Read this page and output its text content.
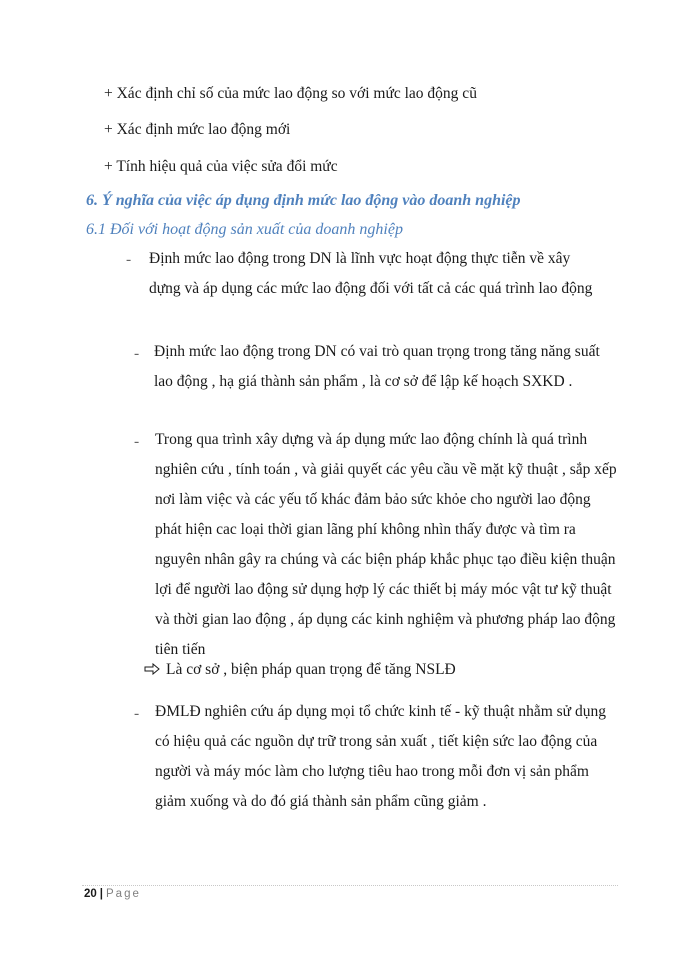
+ Xác định chỉ số của mức lao động so với mức lao động cũ
+ Xác định mức lao động mới
+ Tính hiệu quả của việc sửa đổi mức
6. Ý nghĩa của việc áp dụng định mức lao động vào doanh nghiệp
6.1 Đối với hoạt động sản xuất của doanh nghiệp
- Định mức lao động trong DN là lĩnh vực hoạt động thực tiễn về xây dựng và áp dụng các mức lao động đối với tất cả các quá trình lao động

- Định mức lao động trong DN có vai trò quan trọng trong tăng năng suất lao động , hạ giá thành sản phẩm , là cơ sở để lập kế hoạch SXKD .

- Trong qua trình xây dựng và áp dụng mức lao động chính là quá trình nghiên cứu , tính toán , và giải quyết các yêu cầu về mặt kỹ thuật , sắp xếp nơi làm việc và các yếu tố khác đảm bảo sức khỏe cho người lao động phát hiện cac loại thời gian lãng phí không nhìn thấy được và tìm ra nguyên nhân gây ra chúng và các biện pháp khắc phục tạo điều kiện thuận lợi để người lao động sử dụng hợp lý các thiết bị máy móc vật tư kỹ thuật và thời gian lao động , áp dụng các kinh nghiệm và phương pháp lao động tiên tiến

Là cơ sở , biện pháp quan trọng để tăng NSLĐ
- ĐMLĐ nghiên cứu áp dụng mọi tổ chức kinh tế - kỹ thuật nhằm sử dụng có hiệu quả các nguồn dự trữ trong sản xuất , tiết kiện sức lao động của người và máy móc làm cho lượng tiêu hao trong mỗi đơn vị sản phẩm giảm xuống và do đó giá thành sản phẩm cũng giảm .

20 | Page
